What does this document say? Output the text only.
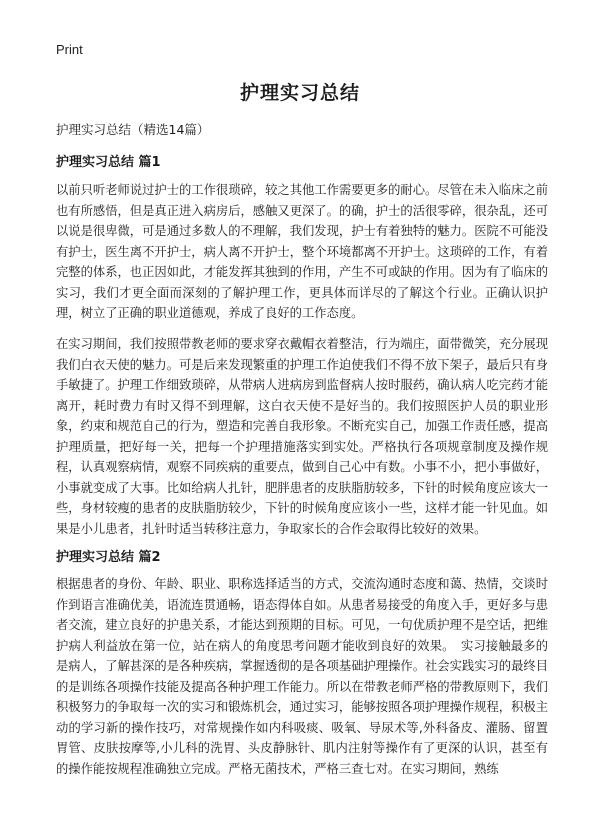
Print
护理实习总结
护理实习总结（精选14篇）
护理实习总结 篇1
以前只听老师说过护士的工作很琐碎，较之其他工作需要更多的耐心。尽管在未入临床之前也有所感悟，但是真正进入病房后，感触又更深了。的确，护士的活很零碎，很杂乱，还可以说是很卑微，可是通过多数人的不理解，我们发现，护士有着独特的魅力。医院不可能没有护士，医生离不开护士，病人离不开护士，整个环境都离不开护士。这琐碎的工作，有着完整的体系，也正因如此，才能发挥其独到的作用，产生不可或缺的作用。因为有了临床的实习，我们才更全面而深刻的了解护理工作，更具体而详尽的了解这个行业。正确认识护理，树立了正确的职业道德观，养成了良好的工作态度。
在实习期间，我们按照带教老师的要求穿衣戴帽衣着整洁，行为端庄，面带微笑，充分展现我们白衣天使的魅力。可是后来发现繁重的护理工作迫使我们不得不放下架子，最后只有身手敏捷了。护理工作细致琐碎，从带病人进病房到监督病人按时服药，确认病人吃完药才能离开，耗时费力有时又得不到理解，这白衣天使不是好当的。我们按照医护人员的职业形象，约束和规范自己的行为，塑造和完善自我形象。不断充实自己，加强工作责任感，提高护理质量，把好每一关，把每一个护理措施落实到实处。严格执行各项规章制度及操作规程，认真观察病情，观察不同疾病的重要点，做到自己心中有数。小事不小，把小事做好，小事就变成了大事。比如给病人扎针，肥胖患者的皮肤脂肪较多，下针的时候角度应该大一些，身材较瘦的患者的皮肤脂肪较少，下针的时候角度应该小一些，这样才能一针见血。如果是小儿患者，扎针时适当转移注意力，争取家长的合作会取得比较好的效果。
护理实习总结 篇2
根据患者的身份、年龄、职业、职称选择适当的方式，交流沟通时态度和蔼、热情，交谈时作到语言准确优美，语流连贯通畅，语态得体自如。从患者易接受的角度入手，更好多与患者交流，建立良好的护患关系，才能达到预期的目标。可见，一句优质护理不是空话，把维护病人利益放在第一位，站在病人的角度思考问题才能收到良好的效果。　实习接触最多的是病人，了解甚深的是各种疾病，掌握透彻的是各项基础护理操作。社会实践实习的最终目的是训练各项操作技能及提高各种护理工作能力。所以在带教老师严格的带教原则下，我们积极努力的争取每一次的实习和锻炼机会，通过实习，能够按照各项护理操作规程，积极主动的学习新的操作技巧，对常规操作如内科吸痰、吸氧、导尿术等,外科备皮、灌肠、留置胃管、皮肤按摩等,小儿科的洗胃、头皮静脉针、肌内注射等操作有了更深的认识，甚至有的操作能按规程准确独立完成。严格无菌技术，严格三查七对。在实习期间，熟练
